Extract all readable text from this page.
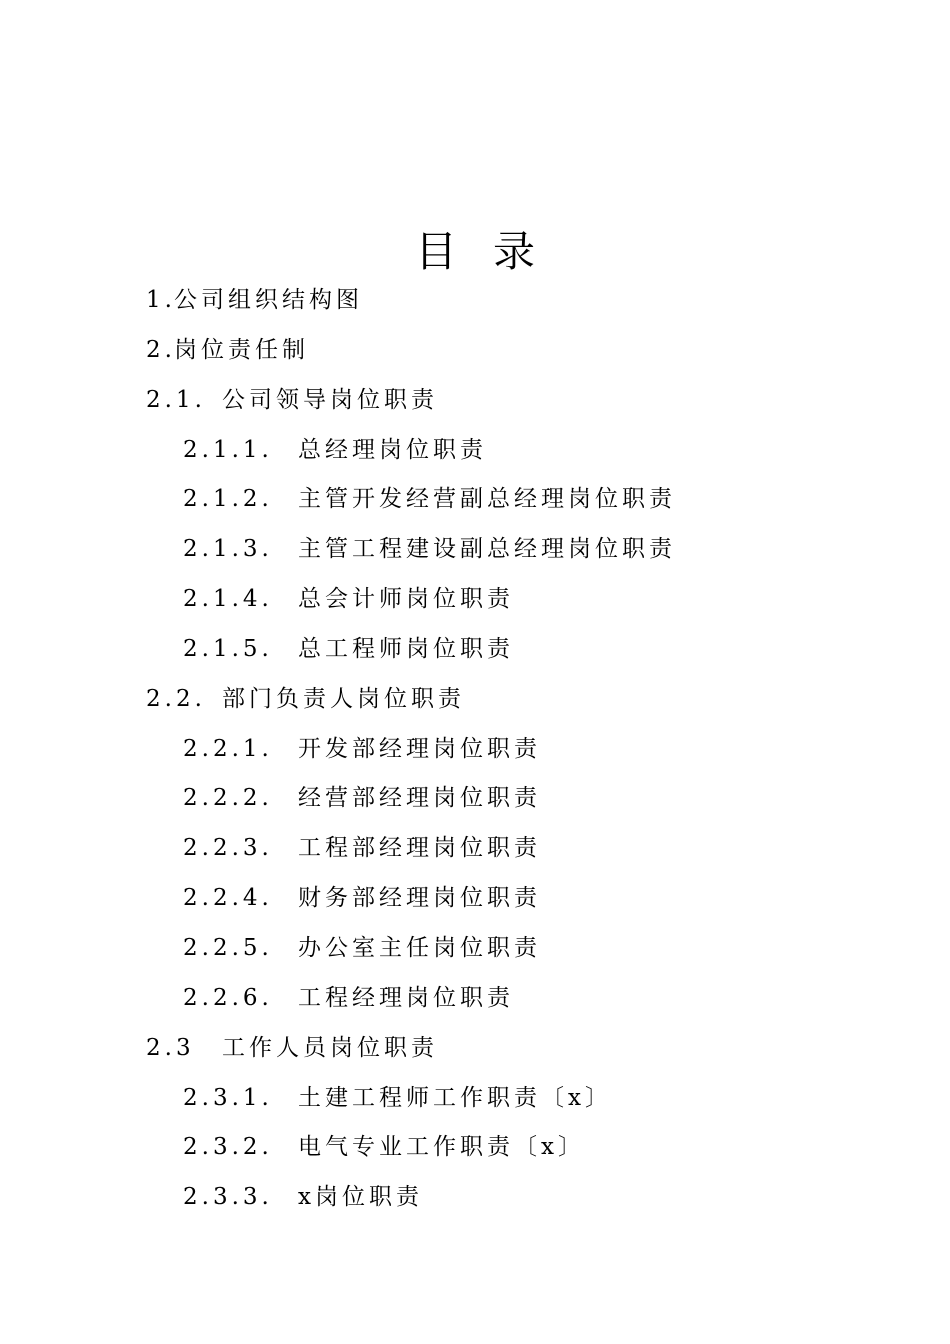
目录
1.
公司组织结构图
2.
岗位责任制
2.1. 公司领导岗位职责
2.1.1. 总经理岗位职责
2.1.2. 主管开发经营副总经理岗位职责
2.1.3. 主管工程建设副总经理岗位职责
2.1.4. 总会计师岗位职责
2.1.5. 总工程师岗位职责
2.2. 部门负责人岗位职责
2.2.1. 开发部经理岗位职责
2.2.2. 经营部经理岗位职责
2.2.3. 工程部经理岗位职责
2.2.4. 财务部经理岗位职责
2.2.5. 办公室主任岗位职责
2.2.6. 工程经理岗位职责
2.3 工作人员岗位职责
2.3.1. 土建工程师工作职责〔x〕
2.3.2. 电气专业工作职责〔x〕
2.3.3. x岗位职责
